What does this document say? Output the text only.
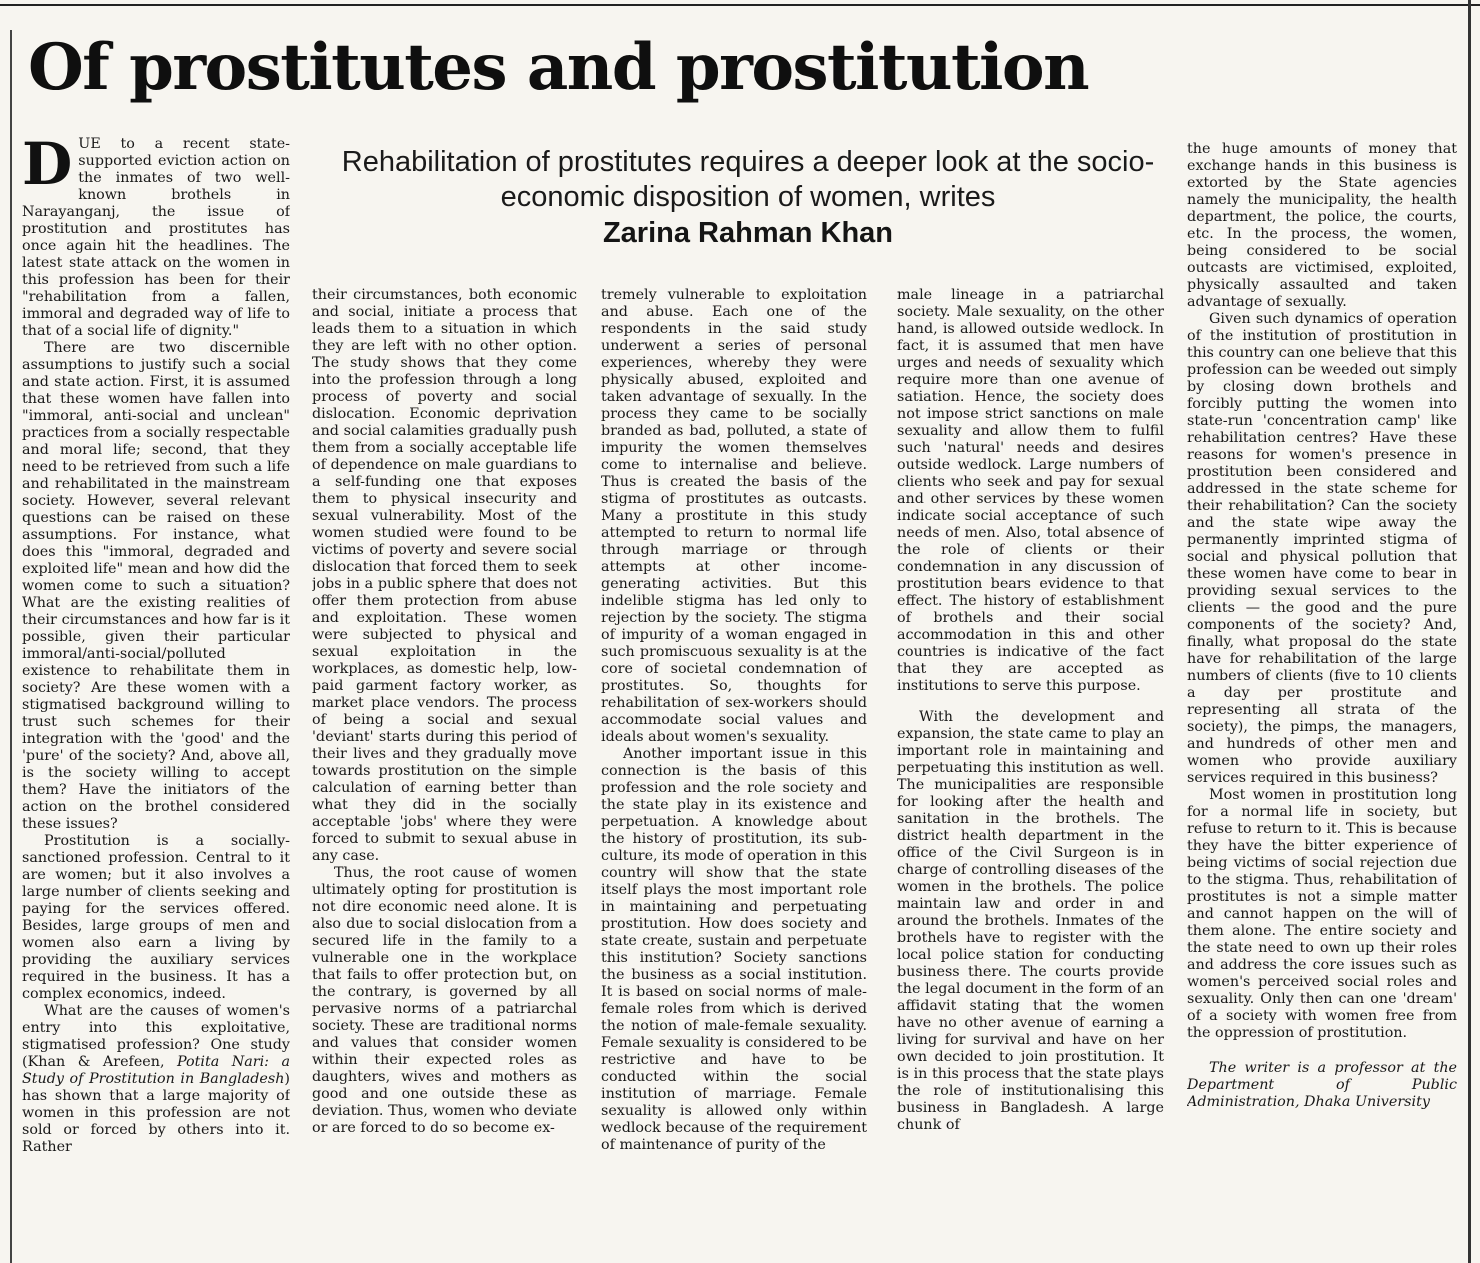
Of prostitutes and prostitution
Rehabilitation of prostitutes requires a deeper look at the socio-economic disposition of women, writes
Zarina Rahman Khan

DUE to a recent state-supported eviction action on the inmates of two well-known brothels in Narayanganj, the issue of prostitution and prostitutes has once again hit the headlines. The latest state attack on the women in this profession has been for their "rehabilitation from a fallen, immoral and degraded way of life to that of a social life of dignity."

There are two discernible assumptions to justify such a social and state action. First, it is assumed that these women have fallen into "immoral, anti-social and unclean" practices from a socially respectable and moral life; second, that they need to be retrieved from such a life and rehabilitated in the mainstream society. However, several relevant questions can be raised on these assumptions. For instance, what does this "immoral, degraded and exploited life" mean and how did the women come to such a situation? What are the existing realities of their circumstances and how far is it possible, given their particular immoral/anti-social/polluted existence to rehabilitate them in society? Are these women with a stigmatised background willing to trust such schemes for their integration with the 'good' and the 'pure' of the society? And, above all, is the society willing to accept them? Have the initiators of the action on the brothel considered these issues?

Prostitution is a socially-sanctioned profession. Central to it are women; but it also involves a large number of clients seeking and paying for the services offered. Besides, large groups of men and women also earn a living by providing the auxiliary services required in the business. It has a complex economics, indeed.

What are the causes of women's entry into this exploitative, stigmatised profession? One study (Khan & Arefeen, Potita Nari: a Study of Prostitution in Bangladesh) has shown that a large majority of women in this profession are not sold or forced by others into it. Rather

their circumstances, both economic and social, initiate a process that leads them to a situation in which they are left with no other option. The study shows that they come into the profession through a long process of poverty and social dislocation. Economic deprivation and social calamities gradually push them from a socially acceptable life of dependence on male guardians to a self-funding one that exposes them to physical insecurity and sexual vulnerability. Most of the women studied were found to be victims of poverty and severe social dislocation that forced them to seek jobs in a public sphere that does not offer them protection from abuse and exploitation. These women were subjected to physical and sexual exploitation in the workplaces, as domestic help, low-paid garment factory worker, as market place vendors. The process of being a social and sexual 'deviant' starts during this period of their lives and they gradually move towards prostitution on the simple calculation of earning better than what they did in the socially acceptable 'jobs' where they were forced to submit to sexual abuse in any case.

Thus, the root cause of women ultimately opting for prostitution is not dire economic need alone. It is also due to social dislocation from a secured life in the family to a vulnerable one in the workplace that fails to offer protection but, on the contrary, is governed by all pervasive norms of a patriarchal society. These are traditional norms and values that consider women within their expected roles as daughters, wives and mothers as good and one outside these as deviation. Thus, women who deviate or are forced to do so become ex-

tremely vulnerable to exploitation and abuse. Each one of the respondents in the said study underwent a series of personal experiences, whereby they were physically abused, exploited and taken advantage of sexually. In the process they came to be socially branded as bad, polluted, a state of impurity the women themselves come to internalise and believe. Thus is created the basis of the stigma of prostitutes as outcasts. Many a prostitute in this study attempted to return to normal life through marriage or through attempts at other income-generating activities. But this indelible stigma has led only to rejection by the society. The stigma of impurity of a woman engaged in such promiscuous sexuality is at the core of societal condemnation of prostitutes. So, thoughts for rehabilitation of sex-workers should accommodate social values and ideals about women's sexuality.

Another important issue in this connection is the basis of this profession and the role society and the state play in its existence and perpetuation. A knowledge about the history of prostitution, its sub-culture, its mode of operation in this country will show that the state itself plays the most important role in maintaining and perpetuating prostitution. How does society and state create, sustain and perpetuate this institution? Society sanctions the business as a social institution. It is based on social norms of male-female roles from which is derived the notion of male-female sexuality. Female sexuality is considered to be restrictive and have to be conducted within the social institution of marriage. Female sexuality is allowed only within wedlock because of the requirement of maintenance of purity of the

male lineage in a patriarchal society. Male sexuality, on the other hand, is allowed outside wedlock. In fact, it is assumed that men have urges and needs of sexuality which require more than one avenue of satiation. Hence, the society does not impose strict sanctions on male sexuality and allow them to fulfil such 'natural' needs and desires outside wedlock. Large numbers of clients who seek and pay for sexual and other services by these women indicate social acceptance of such needs of men. Also, total absence of the role of clients or their condemnation in any discussion of prostitution bears evidence to that effect. The history of establishment of brothels and their social accommodation in this and other countries is indicative of the fact that they are accepted as institutions to serve this purpose.

With the development and expansion, the state came to play an important role in maintaining and perpetuating this institution as well. The municipalities are responsible for looking after the health and sanitation in the brothels. The district health department in the office of the Civil Surgeon is in charge of controlling diseases of the women in the brothels. The police maintain law and order in and around the brothels. Inmates of the brothels have to register with the local police station for conducting business there. The courts provide the legal document in the form of an affidavit stating that the women have no other avenue of earning a living for survival and have on her own decided to join prostitution. It is in this process that the state plays the role of institutionalising this business in Bangladesh. A large chunk of

the huge amounts of money that exchange hands in this business is extorted by the State agencies namely the municipality, the health department, the police, the courts, etc. In the process, the women, being considered to be social outcasts are victimised, exploited, physically assaulted and taken advantage of sexually.

Given such dynamics of operation of the institution of prostitution in this country can one believe that this profession can be weeded out simply by closing down brothels and forcibly putting the women into state-run 'concentration camp' like rehabilitation centres? Have these reasons for women's presence in prostitution been considered and addressed in the state scheme for their rehabilitation? Can the society and the state wipe away the permanently imprinted stigma of social and physical pollution that these women have come to bear in providing sexual services to the clients — the good and the pure components of the society? And, finally, what proposal do the state have for rehabilitation of the large numbers of clients (five to 10 clients a day per prostitute and representing all strata of the society), the pimps, the managers, and hundreds of other men and women who provide auxiliary services required in this business?

Most women in prostitution long for a normal life in society, but refuse to return to it. This is because they have the bitter experience of being victims of social rejection due to the stigma. Thus, rehabilitation of prostitutes is not a simple matter and cannot happen on the will of them alone. The entire society and the state need to own up their roles and address the core issues such as women's perceived social roles and sexuality. Only then can one 'dream' of a society with women free from the oppression of prostitution.

The writer is a professor at the Department of Public Administration, Dhaka University
